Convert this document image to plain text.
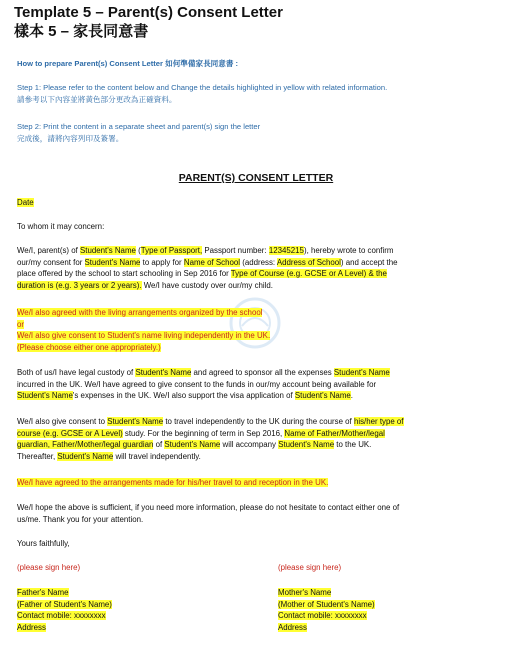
Template 5 – Parent(s) Consent Letter
樣本 5 – 家長同意書
How to prepare Parent(s) Consent Letter 如何準備家長同意書 :
Step 1: Please refer to the content below and Change the details highlighted in yellow with related information.
請參考以下內容並將黃色部分更改為正確資料。
Step 2: Print the content in a separate sheet and parent(s) sign the letter
完成後，請將內容列印及簽署。
PARENT(S) CONSENT LETTER
Date
To whom it may concern:
We/I, parent(s) of Student's Name (Type of Passport, Passport number: 12345215), hereby wrote to confirm
our/my consent for Student's Name to apply for Name of School (address: Address of School) and accept the
place offered by the school to start schooling in Sep 2016 for Type of Course (e.g. GCSE or A Level) & the
duration is (e.g. 3 years or 2 years). We/I have custody over our/my child.
We/I also agreed with the living arrangements organized by the school
or
We/I also give consent to Student's name living independently in the UK.
(Please choose either one appropriately.)
Both of us/I have legal custody of Student's Name and agreed to sponsor all the expenses Student's Name
incurred in the UK. We/I have agreed to give consent to the funds in our/my account being available for
Student's Name's expenses in the UK. We/I also support the visa application of Student's Name.
We/I also give consent to Student's Name to travel independently to the UK during the course of his/her type of
course (e.g. GCSE or A Level) study. For the beginning of term in Sep 2016, Name of Father/Mother/legal
guardian, Father/Mother/legal guardian of Student's Name will accompany Student's Name to the UK.
Thereafter, Student's Name will travel independently.
We/I have agreed to the arrangements made for his/her travel to and reception in the UK.
We/I hope the above is sufficient, if you need more information, please do not hesitate to contact either one of
us/me. Thank you for your attention.
Yours faithfully,
(please sign here)
Father's Name
(Father of Student's Name)
Contact mobile: xxxxxxxx
Address
(please sign here)
Mother's Name
(Mother of Student's Name)
Contact mobile: xxxxxxxx
Address
